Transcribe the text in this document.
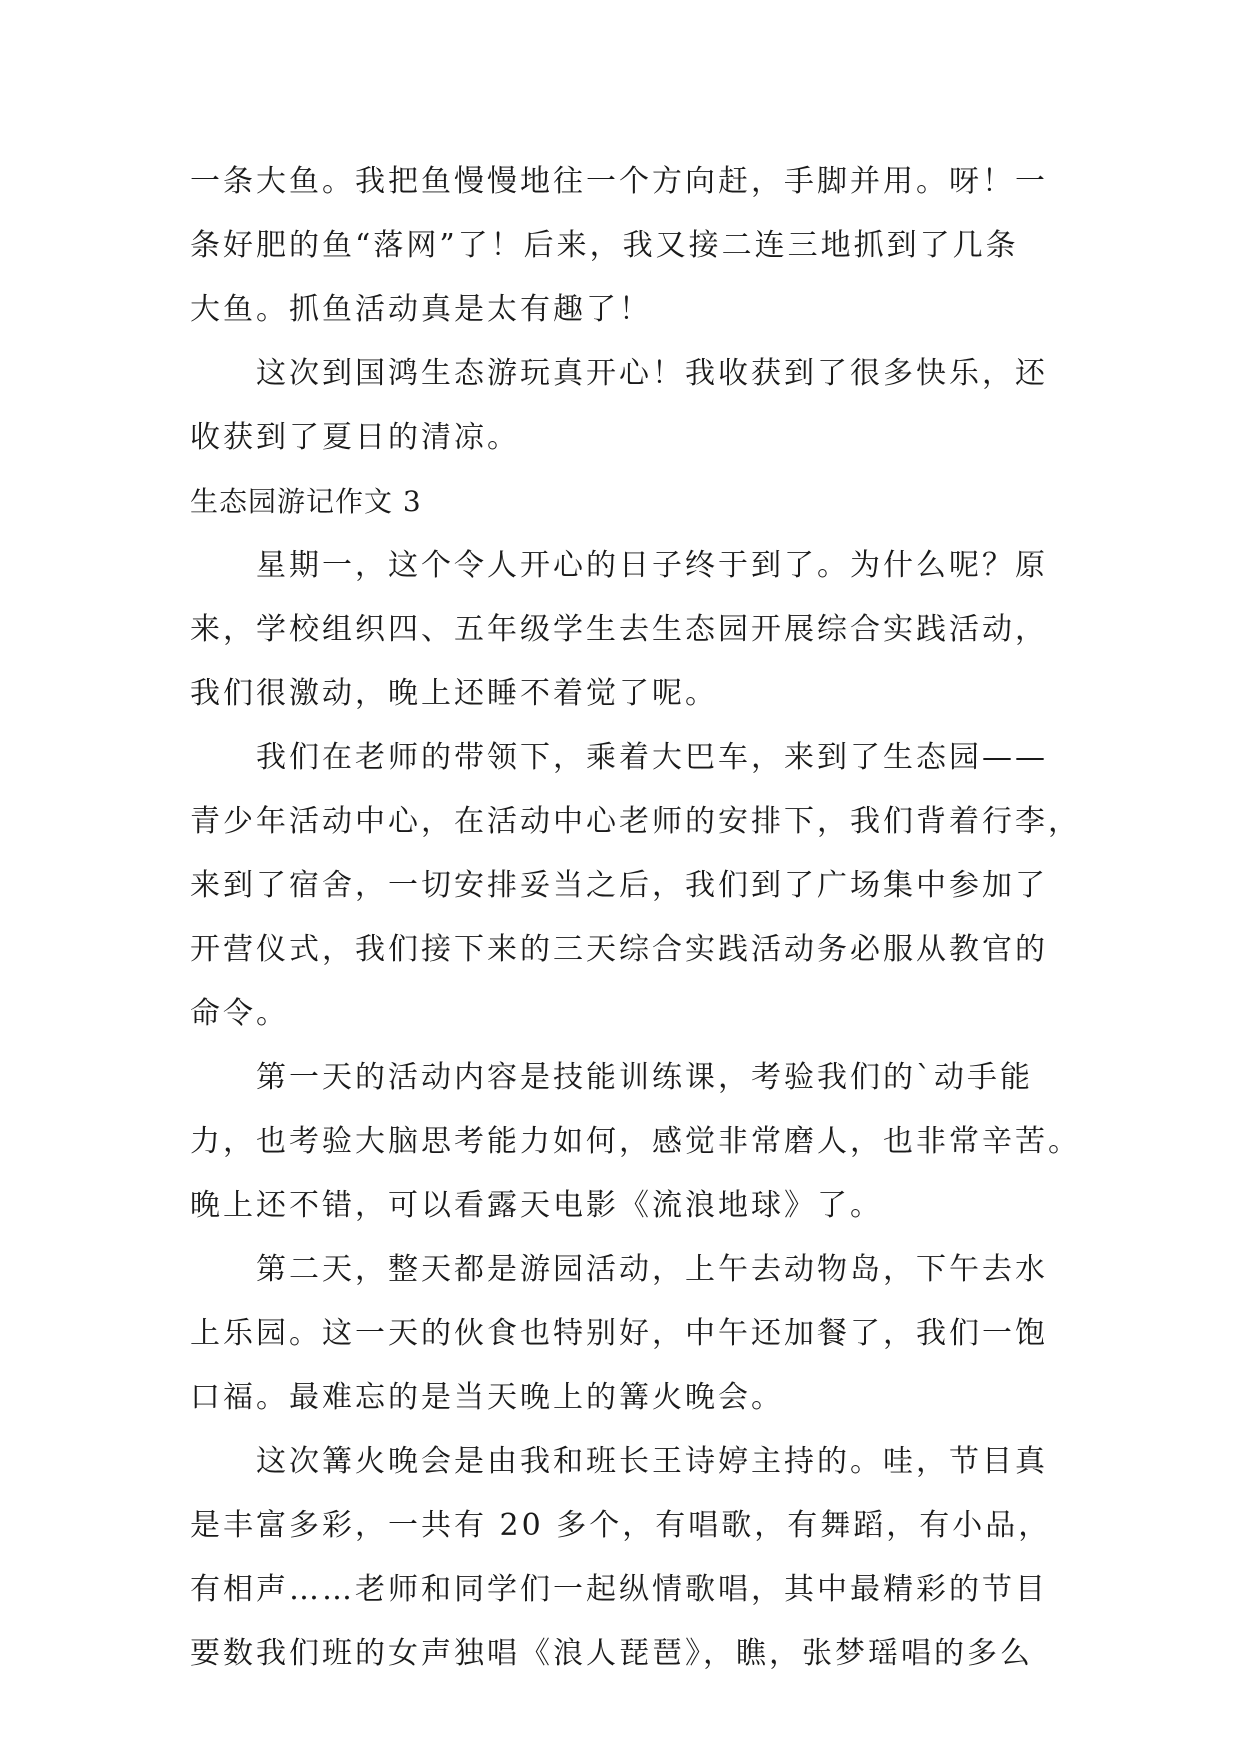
一条大鱼。我把鱼慢慢地往一个方向赶，手脚并用。呀！一
条好肥的鱼“落网”了！后来，我又接二连三地抓到了几条
大鱼。抓鱼活动真是太有趣了！

这次到国鸿生态游玩真开心！我收获到了很多快乐，还
收获到了夏日的清凉。

生态园游记作文 3

星期一，这个令人开心的日子终于到了。为什么呢？原
来，学校组织四、五年级学生去生态园开展综合实践活动，
我们很激动，晚上还睡不着觉了呢。

我们在老师的带领下，乘着大巴车，来到了生态园——
青少年活动中心，在活动中心老师的安排下，我们背着行李，
来到了宿舍，一切安排妥当之后，我们到了广场集中参加了
开营仪式，我们接下来的三天综合实践活动务必服从教官的
命令。

第一天的活动内容是技能训练课，考验我们的`动手能
力，也考验大脑思考能力如何，感觉非常磨人，也非常辛苦。
晚上还不错，可以看露天电影《流浪地球》了。

第二天，整天都是游园活动，上午去动物岛，下午去水
上乐园。这一天的伙食也特别好，中午还加餐了，我们一饱
口福。最难忘的是当天晚上的篝火晚会。

这次篝火晚会是由我和班长王诗婷主持的。哇，节目真
是丰富多彩，一共有 20 多个，有唱歌，有舞蹈，有小品，
有相声……老师和同学们一起纵情歌唱，其中最精彩的节目
要数我们班的女声独唱《浪人琵琶》，瞧，张梦瑶唱的多么
